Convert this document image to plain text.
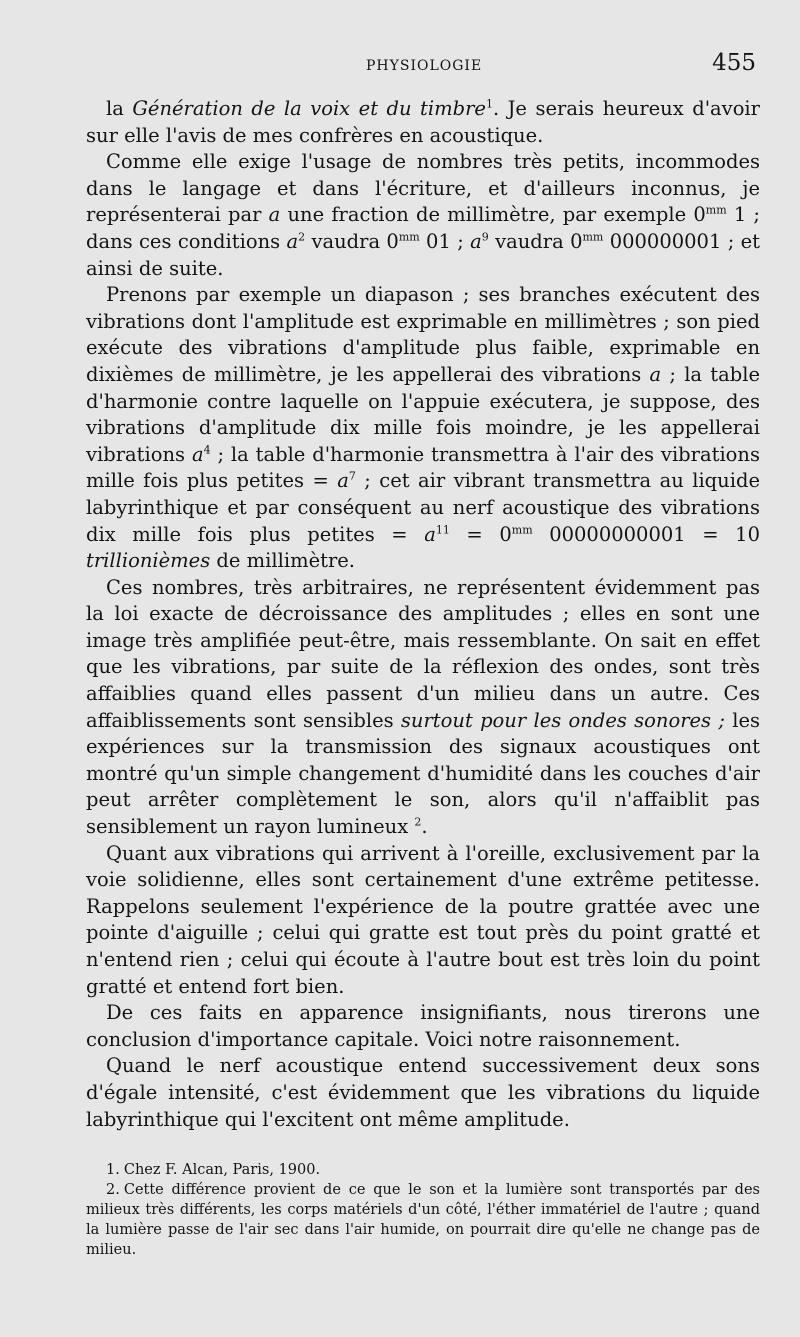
PHYSIOLOGIE	455

la Génération de la voix et du timbre$^1$. Je serais heureux d'avoir sur elle l'avis de mes confrères en acoustique.

Comme elle exige l'usage de nombres très petits, incommodes dans le langage et dans l'écriture, et d'ailleurs inconnus, je représenterai par a une fraction de millimètre, par exemple $0^{mm}$ 1 ; dans ces conditions $a^2$ vaudra $0^{mm}$ 01 ; $a^9$ vaudra $0^{mm}$ 000000001 ; et ainsi de suite.

Prenons par exemple un diapason ; ses branches exécutent des vibrations dont l'amplitude est exprimable en millimètres ; son pied exécute des vibrations d'amplitude plus faible, exprimable en dixièmes de millimètre, je les appellerai des vibrations a ; la table d'harmonie contre laquelle on l'appuie exécutera, je suppose, des vibrations d'amplitude dix mille fois moindre, je les appellerai vibrations $a^4$ ; la table d'harmonie transmettra à l'air des vibrations mille fois plus petites = $a^7$ ; cet air vibrant transmettra au liquide labyrinthique et par conséquent au nerf acoustique des vibrations dix mille fois plus petites = $a^{11} = 0^{mm}$ 00000000001 = 10 trillionièmes de millimètre.

Ces nombres, très arbitraires, ne représentent évidemment pas la loi exacte de décroissance des amplitudes ; elles en sont une image très amplifiée peut-être, mais ressemblante. On sait en effet que les vibrations, par suite de la réflexion des ondes, sont très affaiblies quand elles passent d'un milieu dans un autre. Ces affaiblissements sont sensibles surtout pour les ondes sonores ; les expériences sur la transmission des signaux acoustiques ont montré qu'un simple changement d'humidité dans les couches d'air peut arrêter complètement le son, alors qu'il n'affaiblit pas sensiblement un rayon lumineux $^2$.

Quant aux vibrations qui arrivent à l'oreille, exclusivement par la voie solidienne, elles sont certainement d'une extrême petitesse. Rappelons seulement l'expérience de la poutre grattée avec une pointe d'aiguille ; celui qui gratte est tout près du point gratté et n'entend rien ; celui qui écoute à l'autre bout est très loin du point gratté et entend fort bien.

De ces faits en apparence insignifiants, nous tirerons une conclusion d'importance capitale. Voici notre raisonnement.

Quand le nerf acoustique entend successivement deux sons d'égale intensité, c'est évidemment que les vibrations du liquide labyrinthique qui l'excitent ont même amplitude.

1. Chez F. Alcan, Paris, 1900.

2. Cette différence provient de ce que le son et la lumière sont transportés par des milieux très différents, les corps matériels d'un côté, l'éther immatériel de l'autre ; quand la lumière passe de l'air sec dans l'air humide, on pourrait dire qu'elle ne change pas de milieu.
